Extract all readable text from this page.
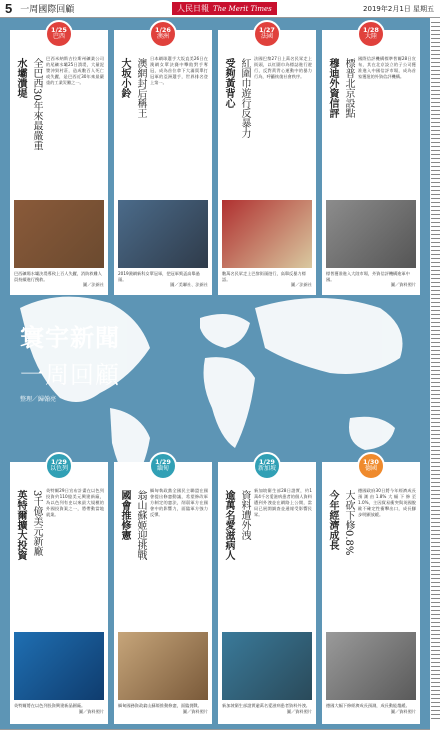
5 一周國際回顧	人民日報 The Merit Times	2019年2月1日 星期五
1/25
巴西
水壩潰堤 全巴西30年來最嚴重 巴西米納斯吉拉斯州礦業公司的尾礦水壩25日潰堤，大量泥漿沖毀村莊，造成數百人死亡或失蹤，是巴西近30年來最嚴重的工業災難之一。
巴西礦場水壩決堤導致上百人失蹤，消防救難人員持續進行搜救。
圖／法新社
1/26
澳洲
大坂小鈴 澳網封后稱王 日本網球選手大坂直美26日在澳網女單決賽中擊敗對手奪冠，成為首位拿下大滿貫單打冠軍的亞洲選手，世界排名登上第一。
2019澳網新科女單冠軍，把冠軍獎盃高舉過頭。
圖／美聯社、法新社
1/27
法國
受夠黃背心 紅圍巾遊行反暴力 法國巴黎27日上萬名民眾走上街頭，以紅圍巾為標誌進行遊行，反對黃背心運動中的暴力行為，呼籲恢復社會秩序。
數萬名民眾走上巴黎街頭遊行，高舉反暴力標語。
圖／法新社
1/28
大陸
穆迪外資信評 標普北京設點 國際信評機構標準普爾28日宣布，其在北京設立的子公司獲准進入中國信評市場，成為首家獲批的外資信評機構。
標普獲准進入大陸市場，外資信評機構進軍中國。
圖／資料照片
寰宇新聞
一周回顧
整理／歸翰亮
1/29
以色列
英特爾擴大投資 3千億美元新廠 英特爾29日宣布計畫在以色列投資約110億美元興建新廠，為以色列有史以來最大規模的外國投資案之一，將帶動當地就業。
英特爾將在以色列投資興建新晶圓廠。
圖／資料照片
1/29
緬甸
國會推修憲 翁山蘇姬迎挑戰 緬甸執政黨全國民主聯盟在國會提出修憲動議，希望修改軍方制定的憲法，削弱軍方在國會中的影響力，面臨軍方強力反彈。
緬甸國務資政翁山蘇姬推動修憲，面臨挑戰。
圖／資料照片
1/29
新加坡
逾萬名愛滋病人 資料遭外洩 新加坡衛生部28日證實，約1萬4千名愛滋病患者的個人資料遭到外洩並在網路上公開，當局已展開調查並通報受影響民眾。
新加坡衛生部證實逾萬名愛滋病患者資料外洩。
圖／資料照片
1/30
德國
今年經濟成長 大砍下修0.8% 德國政府30日將今年經濟成長預測由1.8%大幅下修至1.0%，主因貿易衝突與英國脫歐不確定性衝擊出口，成長腳步明顯放緩。
德國大幅下修經濟成長預測，成長動能趨緩。
圖／資料照片
